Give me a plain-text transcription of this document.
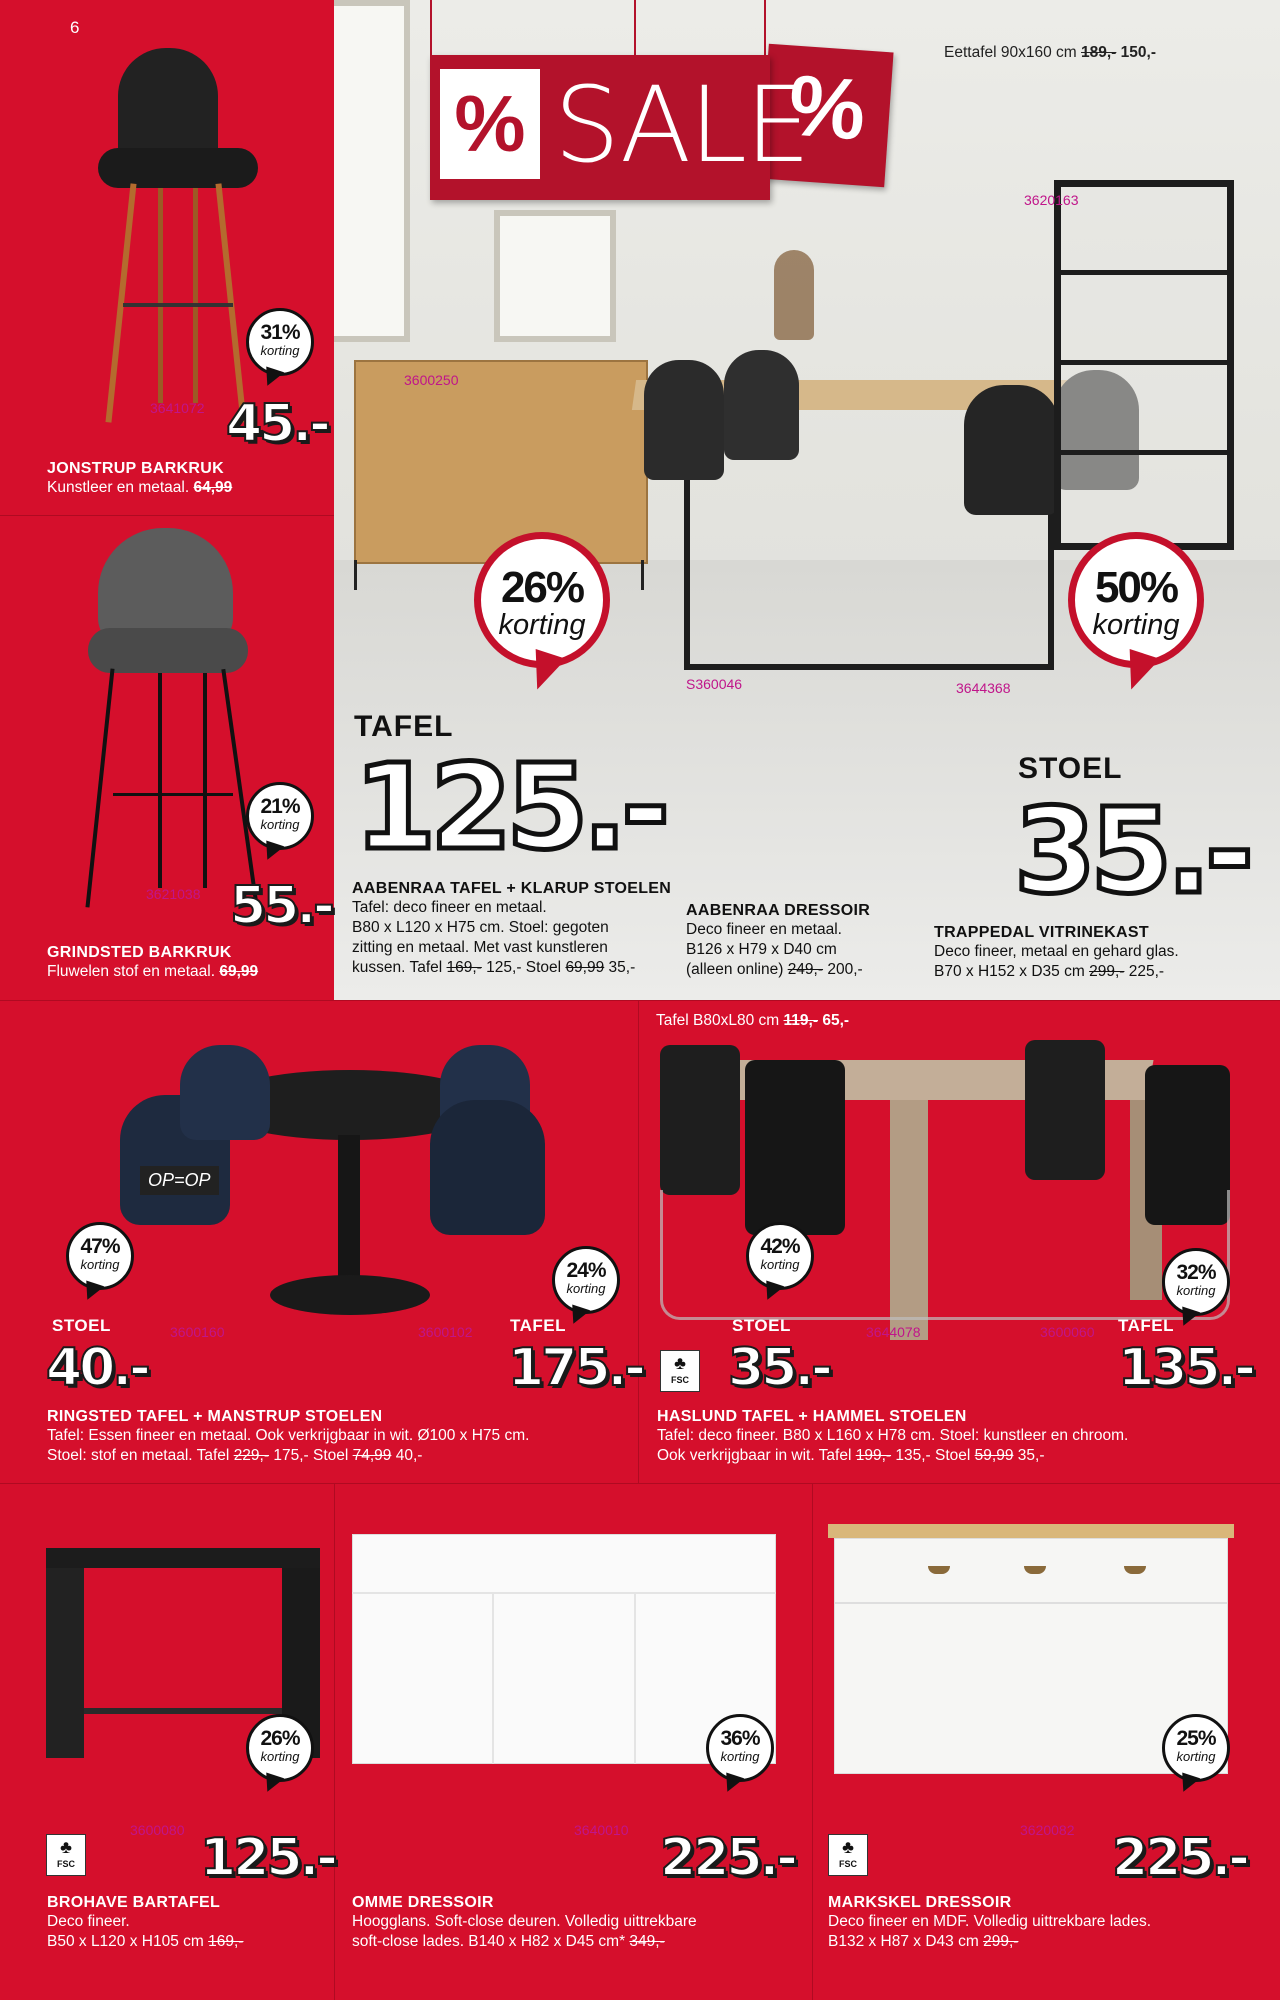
6
%
% SALE
Eettafel 90x160 cm 189,- 150,-
3620163
3600250
S360046	3644368
26%
korting
50%
korting
TAFEL
125.-	STOEL
35.-
AABENRAA TAFEL + KLARUP STOELEN
Tafel: deco fineer en metaal.
B80 x L120 x H75 cm. Stoel: gegoten
zitting en metaal. Met vast kunstleren
kussen. Tafel 169,- 125,- Stoel 69,99 35,-
AABENRAA DRESSOIR
Deco fineer en metaal.
B126 x H79 x D40 cm
(alleen online) 249,- 200,-
TRAPPEDAL VITRINEKAST
Deco fineer, metaal en gehard glas.
B70 x H152 x D35 cm 299,- 225,-
31%
korting
3641072 45.-
JONSTRUP BARKRUK
Kunstleer en metaal. 64,99
21%
korting
3621038 55.-
GRINDSTED BARKRUK
Fluwelen stof en metaal. 69,99
OP=OP
47%
korting	24%
korting
STOEL
40.-
3600160	3600102 TAFEL
175.-
RINGSTED TAFEL + MANSTRUP STOELEN
Tafel: Essen fineer en metaal. Ook verkrijgbaar in wit. Ø100 x H75 cm.
Stoel: stof en metaal. Tafel 229,- 175,- Stoel 74,99 40,-
Tafel B80xL80 cm 119,- 65,-
42%
korting	32%
korting
STOEL
♣
FSC 35.-
3644078	3600060 TAFEL
135.-
HASLUND TAFEL + HAMMEL STOELEN
Tafel: deco fineer. B80 x L160 x H78 cm. Stoel: kunstleer en chroom.
Ook verkrijgbaar in wit. Tafel 199,- 135,- Stoel 59,99 35,-
26%
korting
♣
FSC
3600080 125.-
BROHAVE BARTAFEL
Deco fineer.
B50 x L120 x H105 cm 169,-
36%
korting
3640010 225.-
OMME DRESSOIR
Hoogglans. Soft-close deuren. Volledig uittrekbare
soft-close lades. B140 x H82 x D45 cm* 349,-
25%
korting
♣
FSC
3620082 225.-
MARKSKEL DRESSOIR
Deco fineer en MDF. Volledig uittrekbare lades.
B132 x H87 x D43 cm 299,-
